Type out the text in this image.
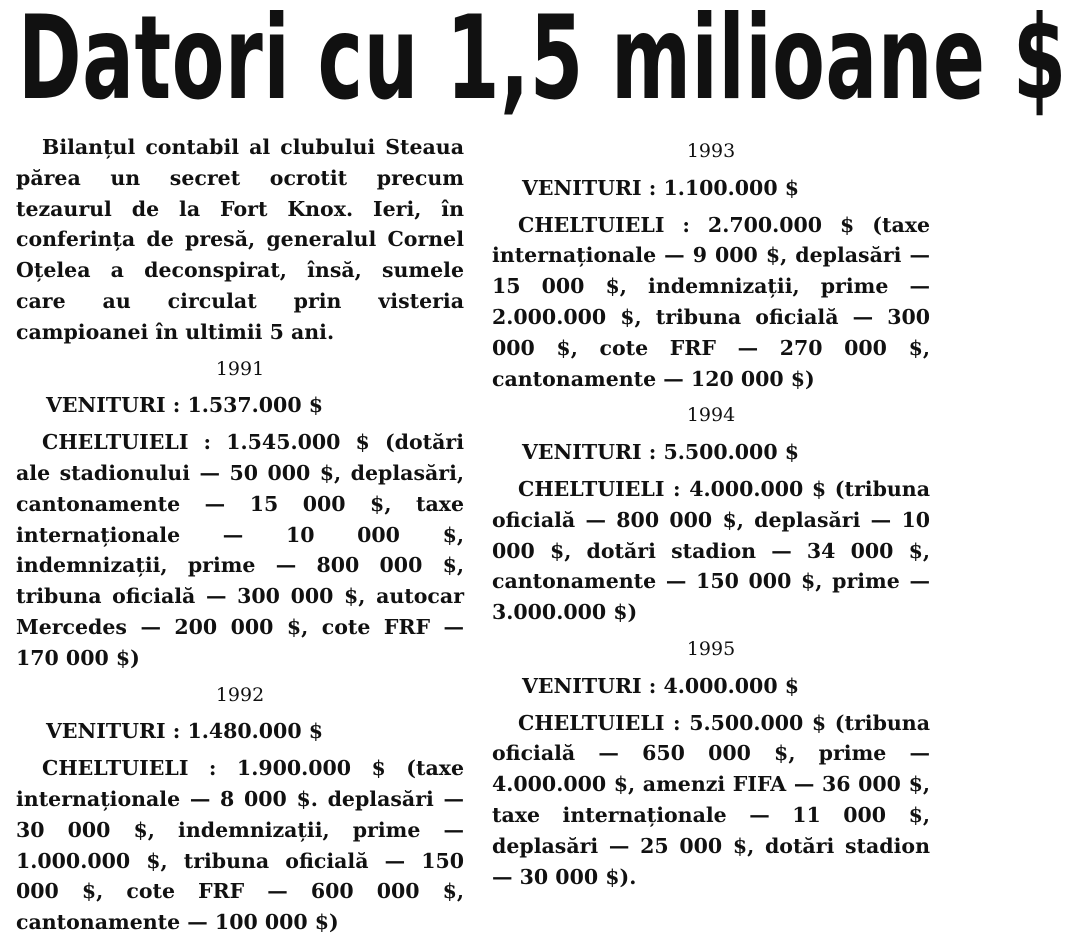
Datori cu 1,5 milioane $

Bilanțul contabil al clubului Steaua părea un secret ocrotit precum tezaurul de la Fort Knox. Ieri, în conferința de presă, generalul Cornel Oțelea a deconspirat, însă, sumele care au circulat prin visteria campioanei în ultimii 5 ani.

1991

VENITURI : 1.537.000 $

CHELTUIELI : 1.545.000 $ (dotări ale stadionului — 50 000 $, deplasări, cantonamente — 15 000 $, taxe internaționale — 10 000 $, indemnizații, prime — 800 000 $, tribuna oficială — 300 000 $, autocar Mercedes — 200 000 $, cote FRF — 170 000 $)

1992

VENITURI : 1.480.000 $

CHELTUIELI : 1.900.000 $ (taxe internaționale — 8 000 $. deplasări — 30 000 $, indemnizații, prime — 1.000.000 $, tribuna oficială — 150 000 $, cote FRF — 600 000 $, cantonamente — 100 000 $)

1993

VENITURI : 1.100.000 $

CHELTUIELI : 2.700.000 $ (taxe internaționale — 9 000 $, deplasări — 15 000 $, indemnizații, prime — 2.000.000 $, tribuna oficială — 300 000 $, cote FRF — 270 000 $, cantonamente — 120 000 $)

1994

VENITURI : 5.500.000 $

CHELTUIELI : 4.000.000 $ (tribuna oficială — 800 000 $, deplasări — 10 000 $, dotări stadion — 34 000 $, cantonamente — 150 000 $, prime — 3.000.000 $)

1995

VENITURI : 4.000.000 $

CHELTUIELI : 5.500.000 $ (tribuna oficială — 650 000 $, prime — 4.000.000 $, amenzi FIFA — 36 000 $, taxe internaționale — 11 000 $, deplasări — 25 000 $, dotări stadion — 30 000 $).
